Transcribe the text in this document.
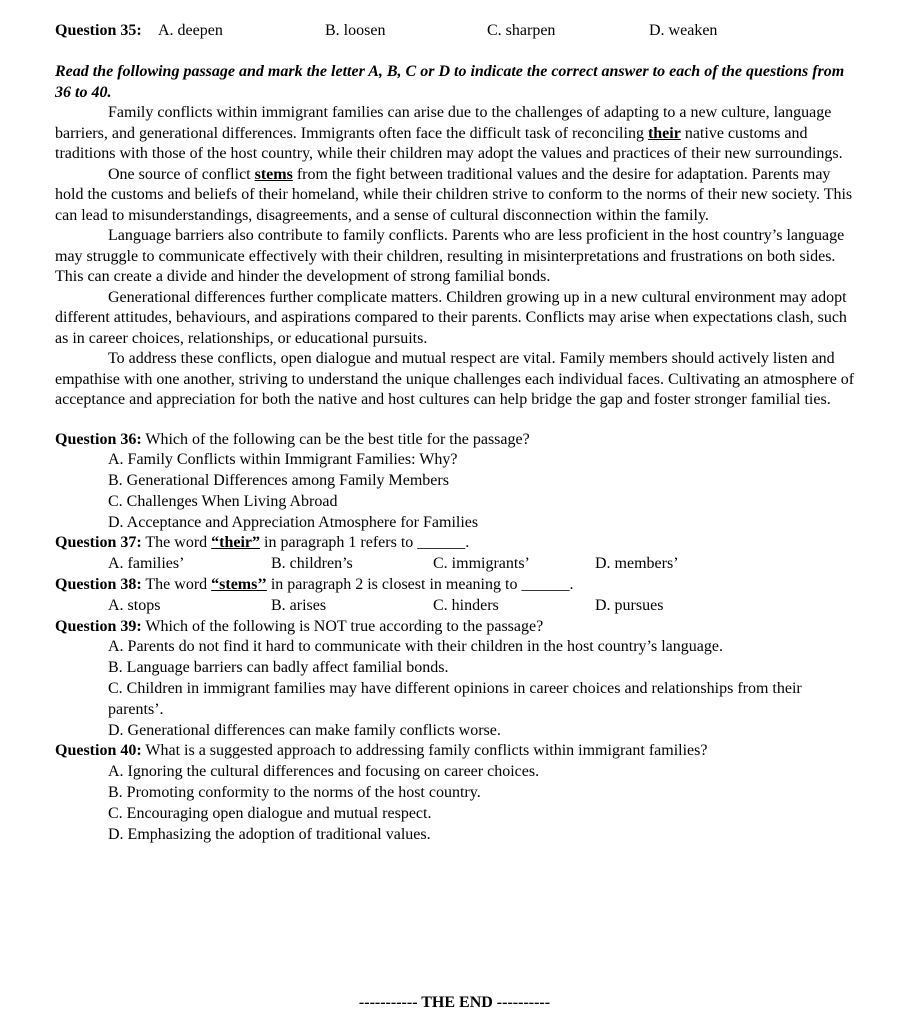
Question 35: A. deepen	B. loosen	C. sharpen	D. weaken
Read the following passage and mark the letter A, B, C or D to indicate the correct answer to each of the questions from 36 to 40.
Family conflicts within immigrant families can arise due to the challenges of adapting to a new culture, language barriers, and generational differences. Immigrants often face the difficult task of reconciling their native customs and traditions with those of the host country, while their children may adopt the values and practices of their new surroundings.
One source of conflict stems from the fight between traditional values and the desire for adaptation. Parents may hold the customs and beliefs of their homeland, while their children strive to conform to the norms of their new society. This can lead to misunderstandings, disagreements, and a sense of cultural disconnection within the family.
Language barriers also contribute to family conflicts. Parents who are less proficient in the host country’s language may struggle to communicate effectively with their children, resulting in misinterpretations and frustrations on both sides. This can create a divide and hinder the development of strong familial bonds.
Generational differences further complicate matters. Children growing up in a new cultural environment may adopt different attitudes, behaviours, and aspirations compared to their parents. Conflicts may arise when expectations clash, such as in career choices, relationships, or educational pursuits.
To address these conflicts, open dialogue and mutual respect are vital. Family members should actively listen and empathise with one another, striving to understand the unique challenges each individual faces. Cultivating an atmosphere of acceptance and appreciation for both the native and host cultures can help bridge the gap and foster stronger familial ties.
Question 36: Which of the following can be the best title for the passage?
A. Family Conflicts within Immigrant Families: Why?
B. Generational Differences among Family Members
C. Challenges When Living Abroad
D. Acceptance and Appreciation Atmosphere for Families
Question 37: The word “their” in paragraph 1 refers to ______.
A. families’	B. children’s	C. immigrants’	D. members’
Question 38: The word “stems’’ in paragraph 2 is closest in meaning to ______.
A. stops	B. arises	C. hinders	D. pursues
Question 39: Which of the following is NOT true according to the passage?
A. Parents do not find it hard to communicate with their children in the host country’s language.
B. Language barriers can badly affect familial bonds.
C. Children in immigrant families may have different opinions in career choices and relationships from their parents’.
D. Generational differences can make family conflicts worse.
Question 40: What is a suggested approach to addressing family conflicts within immigrant families?
A. Ignoring the cultural differences and focusing on career choices.
B. Promoting conformity to the norms of the host country.
C. Encouraging open dialogue and mutual respect.
D. Emphasizing the adoption of traditional values.
----------- THE END ----------
